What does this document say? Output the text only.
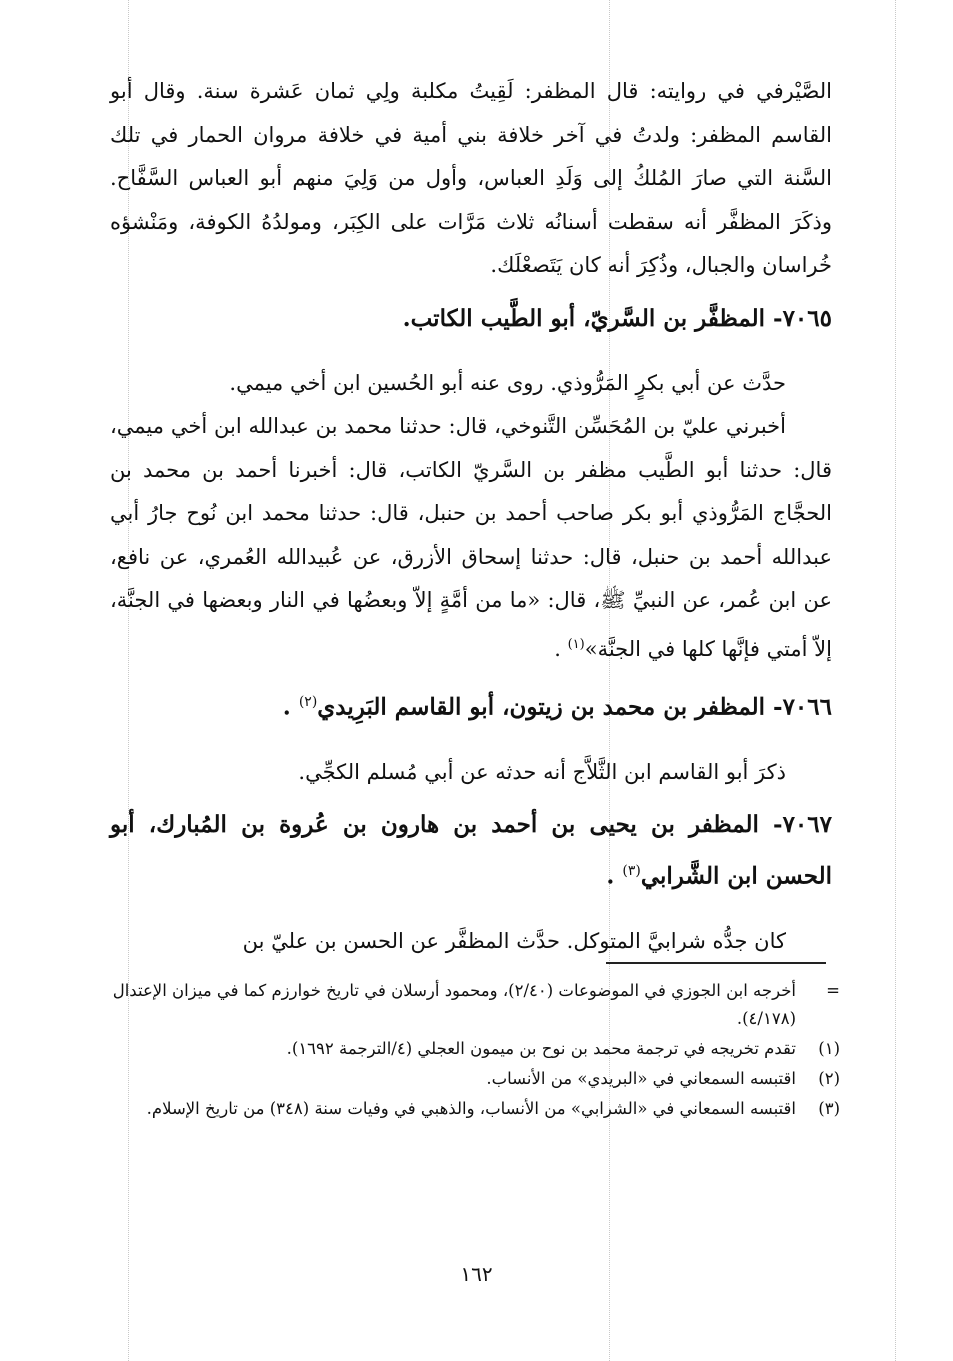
الصَّيْرفي في روايته: قال المظفر: لَقِيتُ مكلبة ولِي ثمان عَشرة سنة. وقال أبو القاسم المظفر: ولدتُ في آخر خلافة بني أمية في خلافة مروان الحمار في تلك السَّنة التي صارَ المُلكُ إلى وَلَدِ العباس، وأول من وَلِيَ منهم أبو العباس السَّفَّاح. وذكَرَ المظفَّر أنه سقطت أسنانُه ثلاث مَرَّات على الكِبَر، ومولدُهُ الكوفة، ومَنْشؤه خُراسان والجبال، وذُكِرَ أنه كان يَتَصعْلَك.

٧٠٦٥- المظفَّر بن السَّريّ، أبو الطَّيب الكاتب.

حدَّث عن أبي بكرٍ المَرُّوذي. روى عنه أبو الحُسين ابن أخي ميمي.

أخبرني عليّ بن المُحَسِّن التَّنوخي، قال: حدثنا محمد بن عبدالله ابن أخي ميمي، قال: حدثنا أبو الطَّيب مظفر بن السَّريّ الكاتب، قال: أخبرنا أحمد بن محمد بن الحجَّاج المَرُّوذي أبو بكر صاحب أحمد بن حنبل، قال: حدثنا محمد ابن نُوح جارُ أبي عبدالله أحمد بن حنبل، قال: حدثنا إسحاق الأزرق، عن عُبيدالله العُمري، عن نافع، عن ابن عُمر، عن النبيِّ ﷺ، قال: «ما من أمَّةٍ إلاّ وبعضُها في النار وبعضها في الجنَّة، إلاّ أمتي فإنَّها كلها في الجنَّة»$^{(١)}$ .

٧٠٦٦- المظفر بن محمد بن زيتون، أبو القاسم البَرِيدي$^{(٢)}$ .

ذكرَ أبو القاسم ابن الثَّلاَّج أنه حدثه عن أبي مُسلم الكجِّي.

٧٠٦٧- المظفر بن يحيى بن أحمد بن هارون بن عُروة بن المُبارك، أبو الحسن ابن الشَّرابي$^{(٣)}$ .

كان جدُّه شرابيَّ المتوكل. حدَّث المظفَّر عن الحسن بن عليّ بن

=
أخرجه ابن الجوزي في الموضوعات (٢/٤٠)، ومحمود أرسلان في تاريخ خوارزم كما في ميزان الإعتدال (٤/١٧٨).
(١)
تقدم تخريجه في ترجمة محمد بن نوح بن ميمون العجلي (٤/الترجمة ١٦٩٢).
(٢)
اقتبسه السمعاني في «البريدي» من الأنساب.
(٣)
اقتبسه السمعاني في «الشرابي» من الأنساب، والذهبي في وفيات سنة (٣٤٨) من تاريخ الإسلام.
١٦٢
